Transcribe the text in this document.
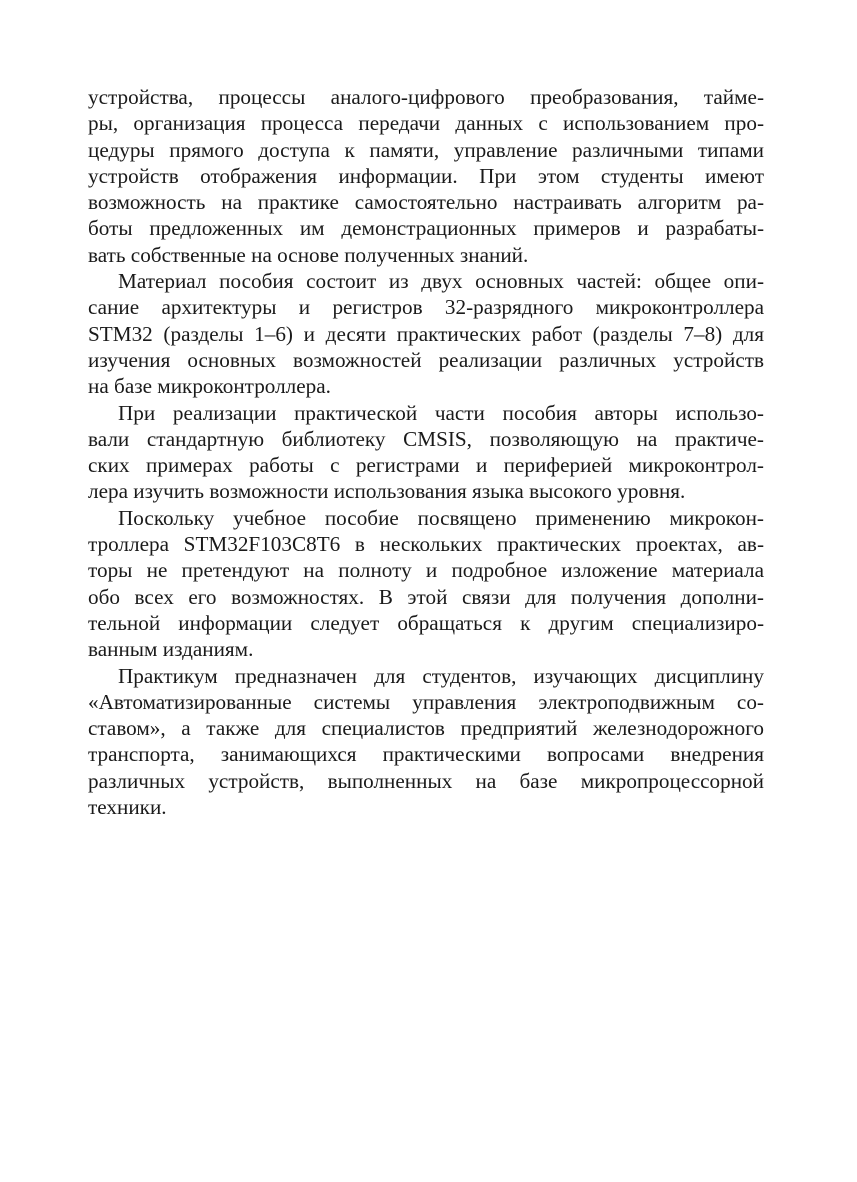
устройства, процессы аналого-цифрового преобразования, тайме-
ры, организация процесса передачи данных с использованием про-
цедуры прямого доступа к памяти, управление различными типами
устройств отображения информации. При этом студенты имеют
возможность на практике самостоятельно настраивать алгоритм ра-
боты предложенных им демонстрационных примеров и разрабаты-
вать собственные на основе полученных знаний.

Материал пособия состоит из двух основных частей: общее опи-
сание архитектуры и регистров 32-разрядного микроконтроллера
STM32 (разделы 1–6) и десяти практических работ (разделы 7–8) для
изучения основных возможностей реализации различных устройств
на базе микроконтроллера.

При реализации практической части пособия авторы использо-
вали стандартную библиотеку CMSIS, позволяющую на практиче-
ских примерах работы с регистрами и периферией микроконтрол-
лера изучить возможности использования языка высокого уровня.

Поскольку учебное пособие посвящено применению микрокон-
троллера STM32F103C8T6 в нескольких практических проектах, ав-
торы не претендуют на полноту и подробное изложение материала
обо всех его возможностях. В этой связи для получения дополни-
тельной информации следует обращаться к другим специализиро-
ванным изданиям.

Практикум предназначен для студентов, изучающих дисциплину
«Автоматизированные системы управления электроподвижным со-
ставом», а также для специалистов предприятий железнодорожного
транспорта, занимающихся практическими вопросами внедрения
различных устройств, выполненных на базе микропроцессорной
техники.
